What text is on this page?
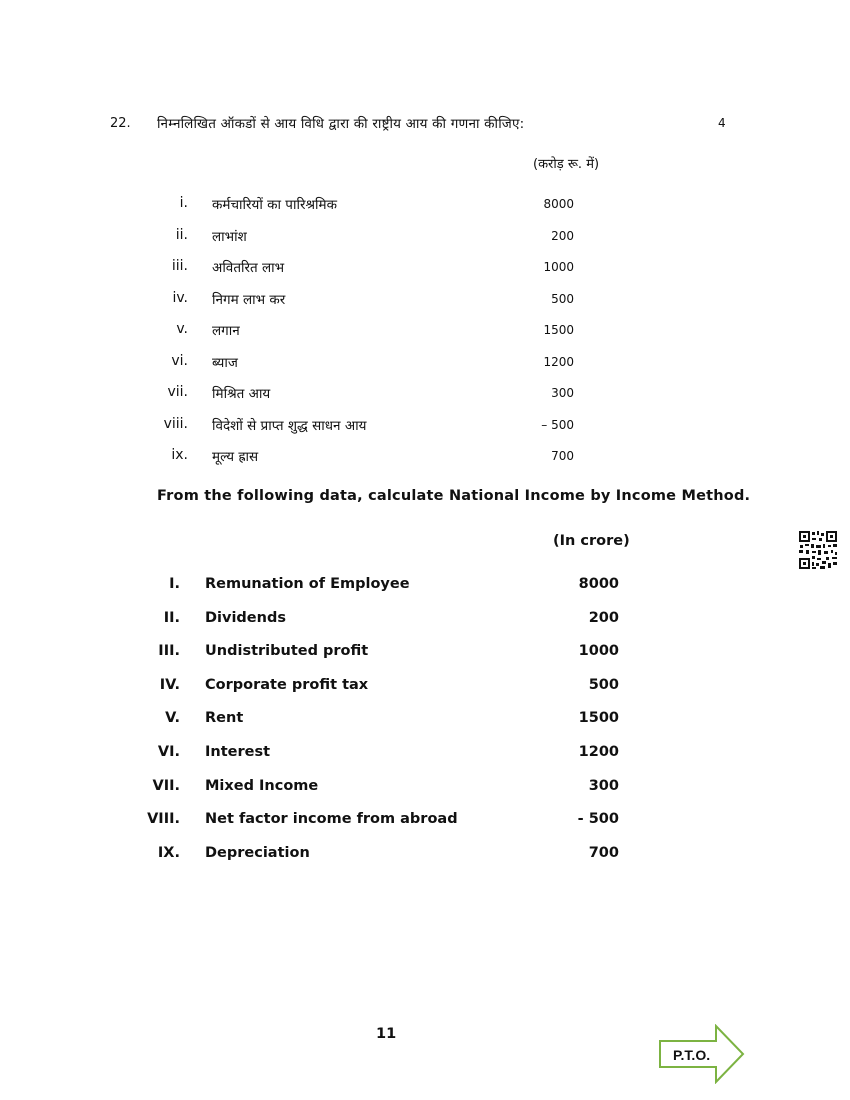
22. निम्नलिखित ऑकडों से आय विधि द्वारा की राष्ट्रीय आय की गणना कीजिए:	4
(करोड़ रू. में)
i. कर्मचारियों का पारिश्रमिक	8000
ii. लाभांश	200
iii. अवितरित लाभ	1000
iv. निगम लाभ कर	500
v. लगान	1500
vi. ब्याज	1200
vii. मिश्रित आय	300
viii. विदेशों से प्राप्त शुद्ध साधन आय	– 500
ix. मूल्य ह्रास	700
From the following data, calculate National Income by Income Method.
(In crore)
I. Remunation of Employee	8000
II. Dividends	200
III. Undistributed profit	1000
IV. Corporate profit tax	500
V. Rent	1500
VI. Interest	1200
VII. Mixed Income	300
VIII. Net factor income from abroad	- 500
IX. Depreciation	700
11
P.T.O.
